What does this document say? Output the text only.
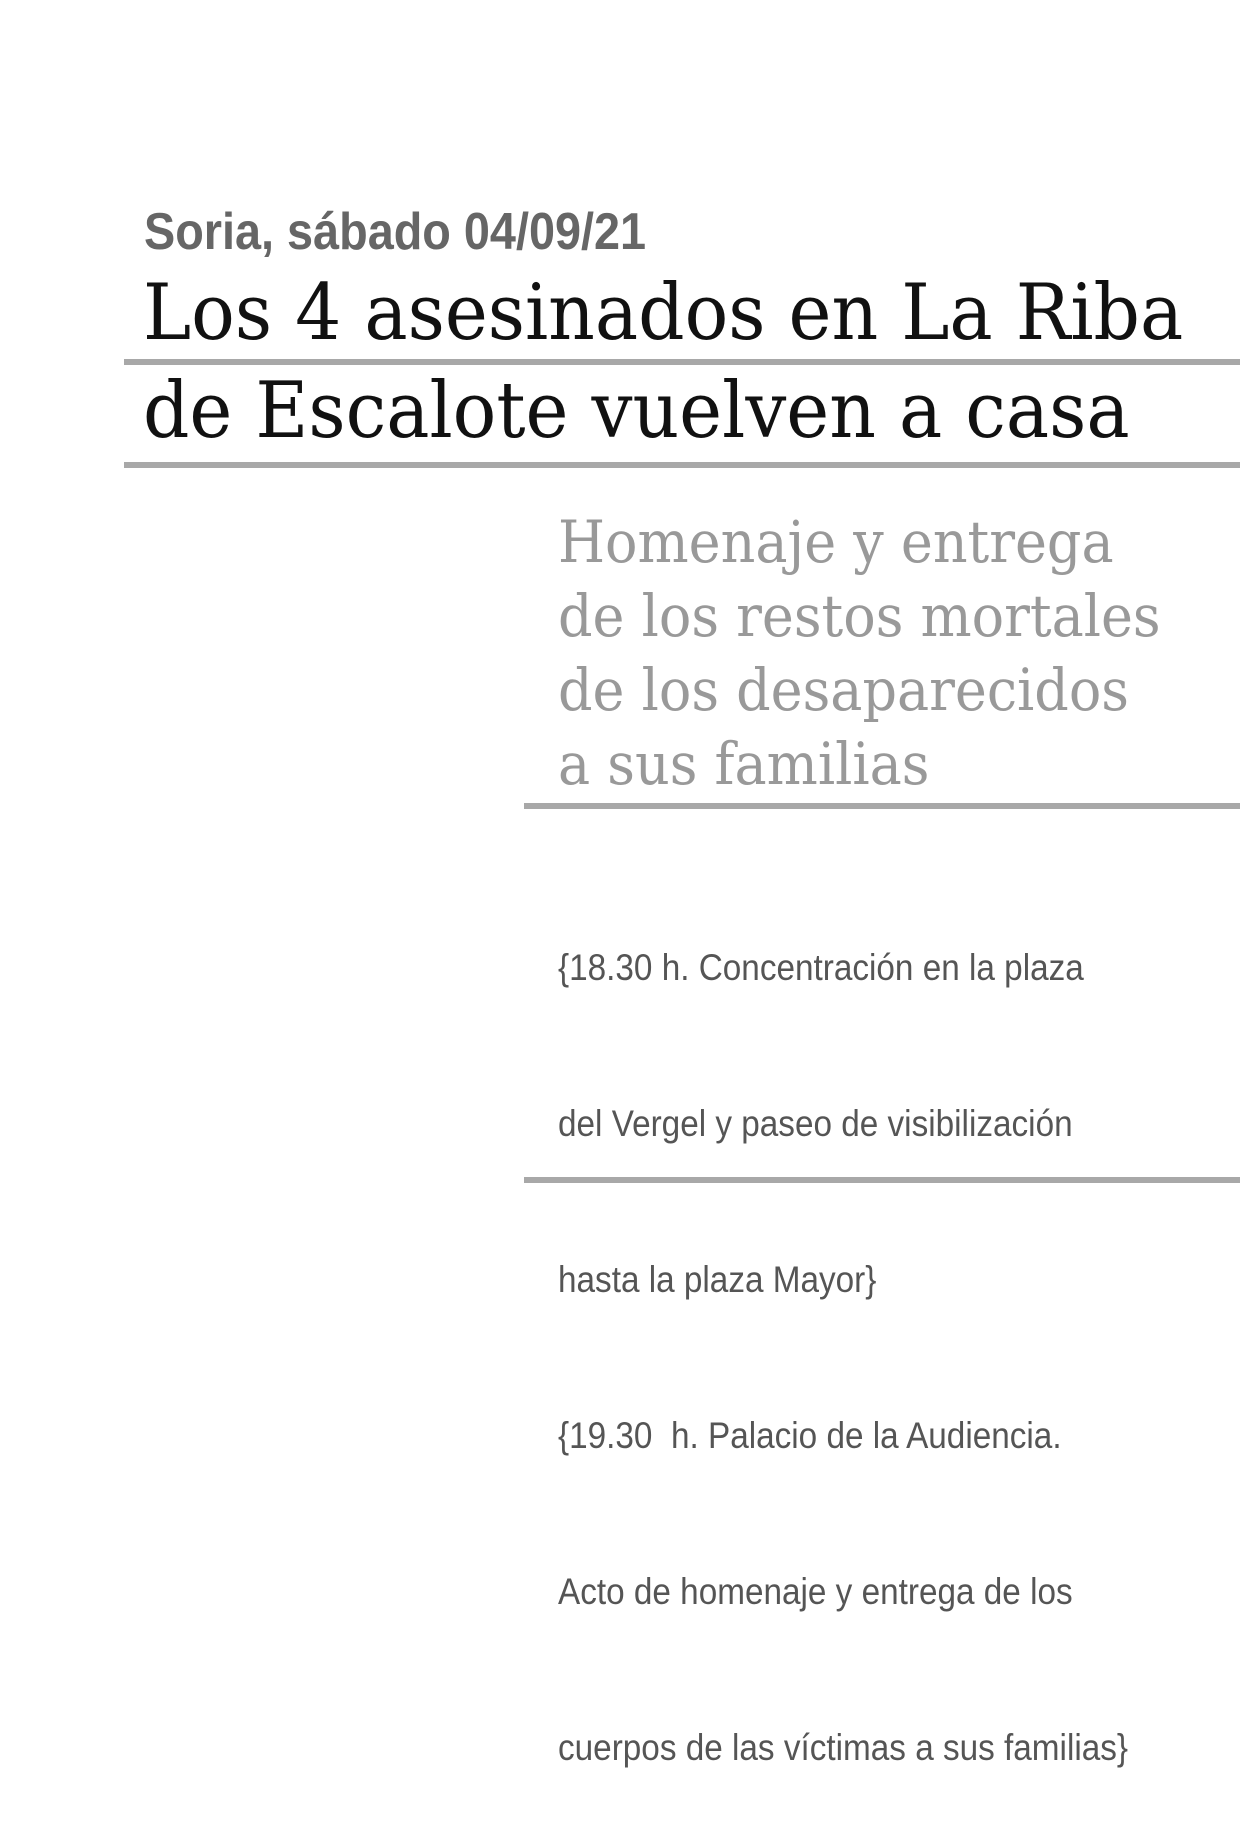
Soria, sábado 04/09/21
Los 4 asesinados en La Riba
de Escalote vuelven a casa
Homenaje y entrega
de los restos mortales
de los desaparecidos
a sus familias

{18.30 h. Concentración en la plaza

del Vergel y paseo de visibilización

hasta la plaza Mayor}

{19.30  h. Palacio de la Audiencia.

Acto de homenaje y entrega de los

cuerpos de las víctimas a sus familias}
